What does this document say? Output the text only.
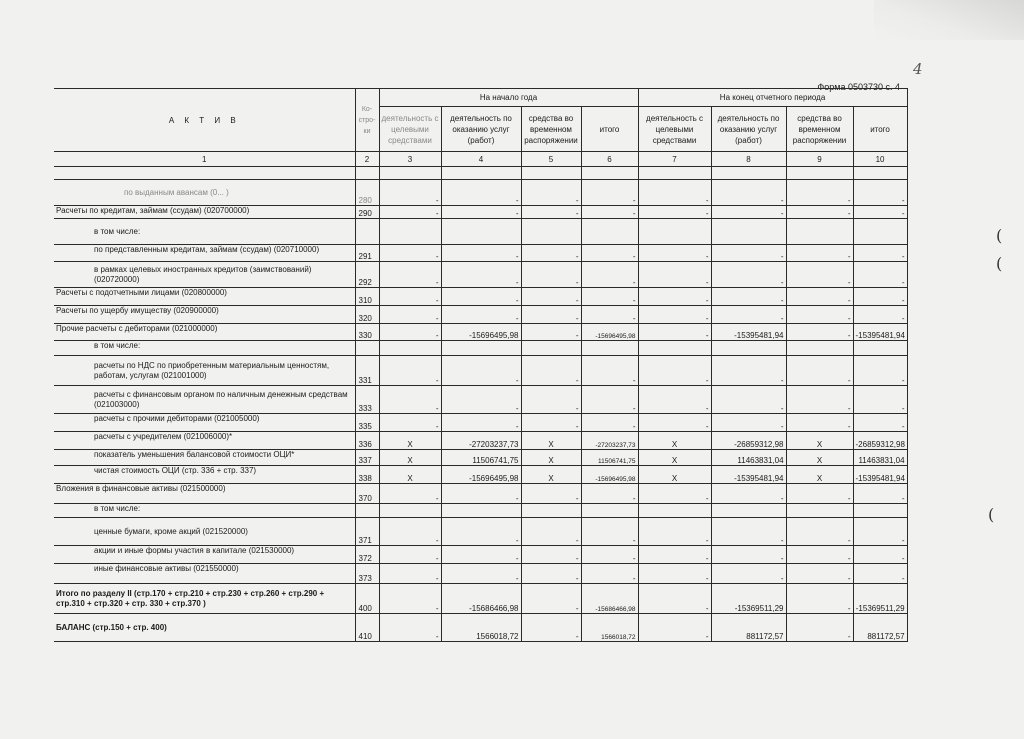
4
Форма 0503730 с. 4
(
(
(
А К Т И В	Ко-
стро-
ки	На начало года				На конец отчетного периода			
		деятельность с целевыми средствами	деятельность по оказанию услуг (работ)	средства во временном распоряжении	итого	деятельность с целевыми средствами	деятельность по оказанию услуг (работ)	средства во временном распоряжении	итого
1	2	3	4	5	6	7	8	9	10

по выданным авансам (0... )	280	-	-	-	-	-	-	-	-
Расчеты по кредитам, займам (ссудам) (020700000)	290	-	-	-	-	-	-	-	-
в том числе:									
по представленным кредитам, займам (ссудам) (020710000)	291	-	-	-	-	-	-	-	-
в рамках целевых иностранных кредитов (заимствований) (020720000)	292	-	-	-	-	-	-	-	-
Расчеты с подотчетными лицами (020800000)	310	-	-	-	-	-	-	-	-
Расчеты по ущербу имуществу (020900000)	320	-	-	-	-	-	-	-	-
Прочие расчеты с дебиторами (021000000)	330	-	-15696495,98	-	-15696495,98	-	-15395481,94	-	-15395481,94
в том числе:									
расчеты по НДС по приобретенным материальным ценностям, работам, услугам (021001000)	331	-	-	-	-	-	-	-	-
расчеты с финансовым органом по наличным денежным средствам (021003000)	333	-	-	-	-	-	-	-	-
расчеты с прочими дебиторами (021005000)	335	-	-	-	-	-	-	-	-
расчеты с учредителем (021006000)*	336	X	-27203237,73	X	-27203237,73	X	-26859312,98	X	-26859312,98
показатель уменьшения балансовой стоимости ОЦИ*	337	X	11506741,75	X	11506741,75	X	11463831,04	X	11463831,04
чистая стоимость ОЦИ (стр. 336 + стр. 337)	338	X	-15696495,98	X	-15696495,98	X	-15395481,94	X	-15395481,94
Вложения в финансовые активы (021500000)	370	-	-	-	-	-	-	-	-
в том числе:									
ценные бумаги, кроме акций (021520000)	371	-	-	-	-	-	-	-	-
акции и иные формы участия в капитале (021530000)	372	-	-	-	-	-	-	-	-
иные финансовые активы (021550000)	373	-	-	-	-	-	-	-	-
Итого по разделу II (стр.170 + стр.210 + стр.230 + стр.260 + стр.290 + стр.310 + стр.320 + стр. 330 + стр.370 )	400	-	-15686466,98	-	-15686466,98	-	-15369511,29	-	-15369511,29
БАЛАНС (стр.150 + стр. 400)	410	-	1566018,72	-	1566018,72	-	881172,57	-	881172,57
